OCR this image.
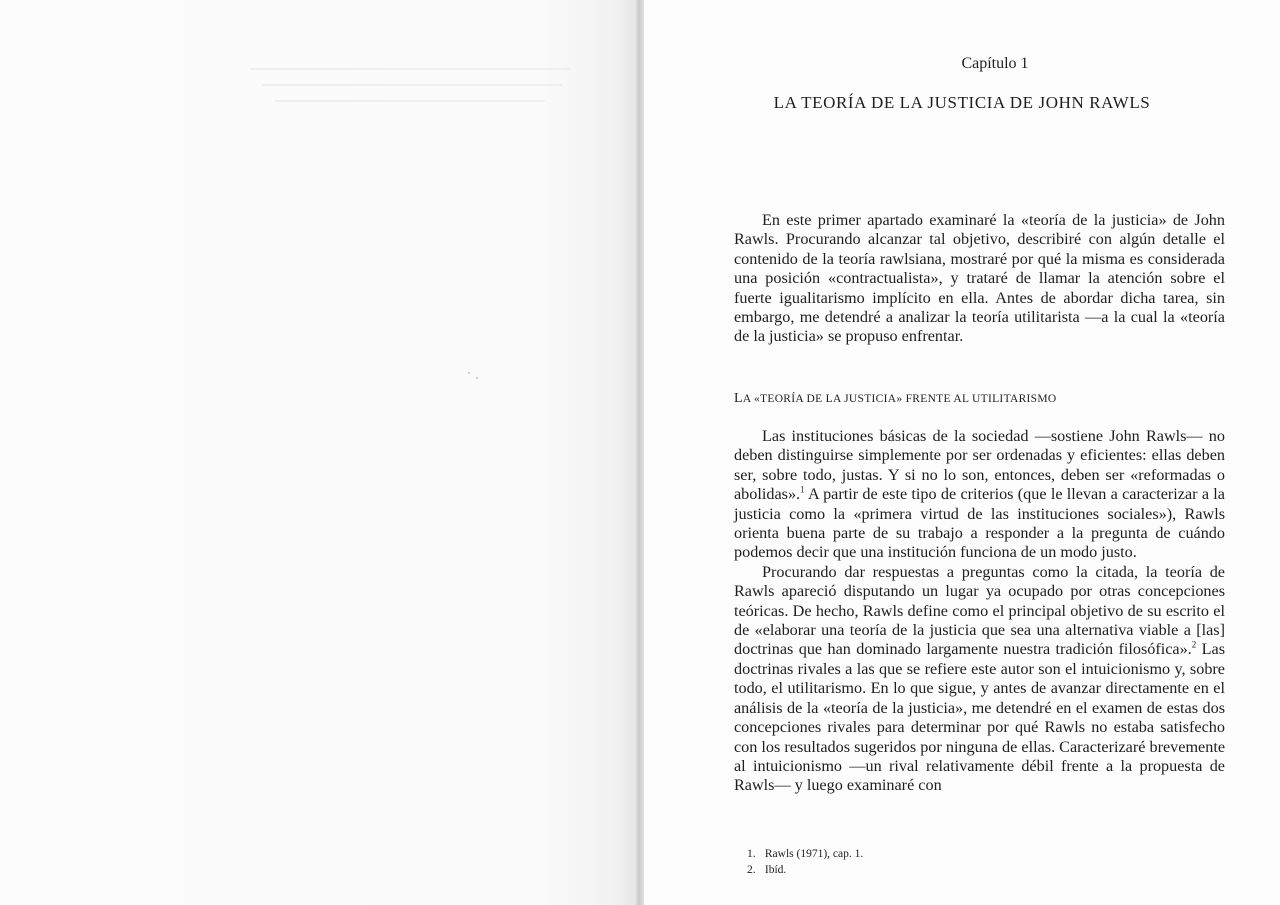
Capítulo 1
LA TEORÍA DE LA JUSTICIA DE JOHN RAWLS

En este primer apartado examinaré la «teoría de la justicia» de John Rawls. Procurando alcanzar tal objetivo, describiré con algún detalle el contenido de la teoría rawlsiana, mostraré por qué la misma es considerada una posición «contractualista», y trataré de llamar la atención sobre el fuerte igualitarismo implícito en ella. Antes de abordar dicha tarea, sin embargo, me detendré a analizar la teoría utilitarista —a la cual la «teoría de la justicia» se propuso enfrentar.

LA «TEORÍA DE LA JUSTICIA» FRENTE AL UTILITARISMO

Las instituciones básicas de la sociedad —sostiene John Rawls— no deben distinguirse simplemente por ser ordenadas y eficientes: ellas deben ser, sobre todo, justas. Y si no lo son, entonces, deben ser «reformadas o abolidas».$^1$ A partir de este tipo de criterios (que le llevan a caracterizar a la justicia como la «primera virtud de las instituciones sociales»), Rawls orienta buena parte de su trabajo a responder a la pregunta de cuándo podemos decir que una institución funciona de un modo justo.

Procurando dar respuestas a preguntas como la citada, la teoría de Rawls apareció disputando un lugar ya ocupado por otras concepciones teóricas. De hecho, Rawls define como el principal objetivo de su escrito el de «elaborar una teoría de la justicia que sea una alternativa viable a [las] doctrinas que han dominado largamente nuestra tradición filosófica».$^2$ Las doctrinas rivales a las que se refiere este autor son el intuicionismo y, sobre todo, el utilitarismo. En lo que sigue, y antes de avanzar directamente en el análisis de la «teoría de la justicia», me detendré en el examen de estas dos concepciones rivales para determinar por qué Rawls no estaba satisfecho con los resultados sugeridos por ninguna de ellas. Caracterizaré brevemente al intuicionismo —un rival relativamente débil frente a la propuesta de Rawls— y luego examinaré con

1. Rawls (1971), cap. 1.
2. Ibíd.
